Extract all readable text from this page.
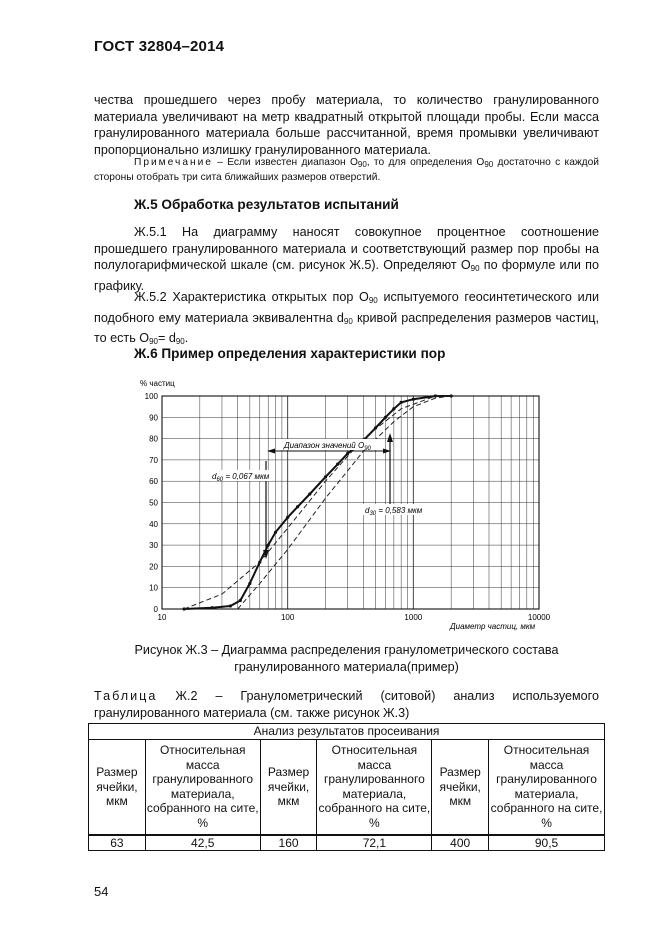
ГОСТ 32804–2014
чества прошедшего через пробу материала, то количество гранулированного материала увеличивают на метр квадратный открытой площади пробы. Если масса гранулированного материала больше рассчитанной, время промывки увеличивают пропорционально излишку гранулированного материала.
Примечание – Если известен диапазон $O_{90}$, то для определения $O_{90}$ достаточно с каждой стороны отобрать три сита ближайших размеров отверстий.
Ж.5 Обработка результатов испытаний
Ж.5.1 На диаграмму наносят совокупное процентное соотношение прошедшего гранулированного материала и соответствующий размер пор пробы на полулогарифмической шкале (см. рисунок Ж.5). Определяют $O_{90}$ по формуле или по графику.
Ж.5.2 Характеристика открытых пор $O_{90}$ испытуемого геосинтетического или подобного ему материала эквивалентна $d_{90}$ кривой распределения размеров частиц, то есть $O_{90}= d_{90}$.
Ж.6 Пример определения характеристики пор
0
10
20
30
40
50
60
70
80
90
100
10	100	1000	10000
% частиц
Диаметр частиц, мкм
Диапазон значений $O_{90}$
$d_{60} = 0,067$ мкм
$d_{30} = 0,583$ мкм
Рисунок Ж.3 – Диаграмма распределения гранулометрического состава гранулированного материала(пример)
Таблица Ж.2 – Гранулометрический (ситовой) анализ используемого гранулированного материала (см. также рисунок Ж.3)
Анализ результатов просеивания					
Размер ячейки, мкм	Относительная масса гранулированного материала, собранного на сите, %	Размер ячейки, мкм	Относительная масса гранулированного материала, собранного на сите, %	Размер ячейки, мкм	Относительная масса гранулированного материала, собранного на сите, %
63	42,5	160	72,1	400	90,5
54
